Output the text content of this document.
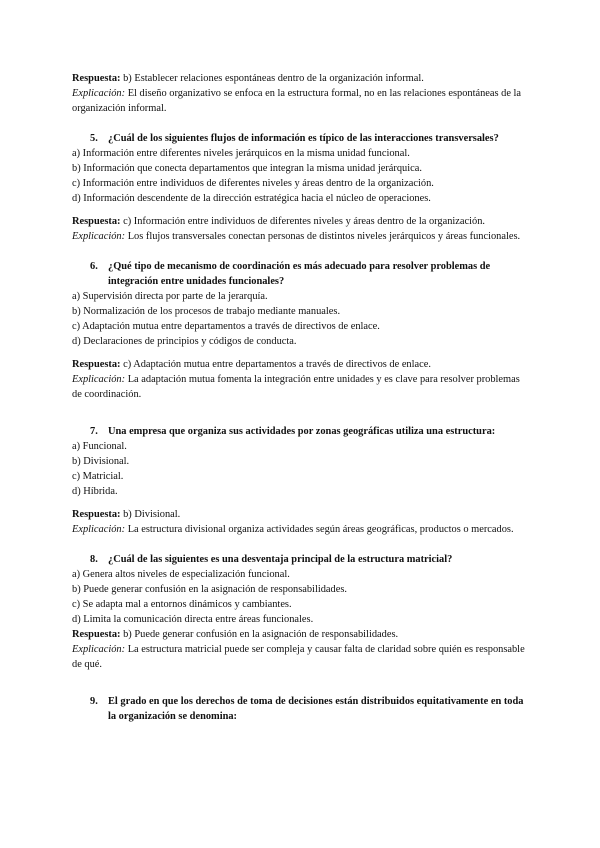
Respuesta: b) Establecer relaciones espontáneas dentro de la organización informal.

Explicación: El diseño organizativo se enfoca en la estructura formal, no en las relaciones espontáneas de la organización informal.

5. ¿Cuál de los siguientes flujos de información es típico de las interacciones transversales?

a) Información entre diferentes niveles jerárquicos en la misma unidad funcional.

b) Información que conecta departamentos que integran la misma unidad jerárquica.

c) Información entre individuos de diferentes niveles y áreas dentro de la organización.

d) Información descendente de la dirección estratégica hacia el núcleo de operaciones.

Respuesta: c) Información entre individuos de diferentes niveles y áreas dentro de la organización.

Explicación: Los flujos transversales conectan personas de distintos niveles jerárquicos y áreas funcionales.

6. ¿Qué tipo de mecanismo de coordinación es más adecuado para resolver problemas de integración entre unidades funcionales?

a) Supervisión directa por parte de la jerarquía.

b) Normalización de los procesos de trabajo mediante manuales.

c) Adaptación mutua entre departamentos a través de directivos de enlace.

d) Declaraciones de principios y códigos de conducta.

Respuesta: c) Adaptación mutua entre departamentos a través de directivos de enlace.

Explicación: La adaptación mutua fomenta la integración entre unidades y es clave para resolver problemas de coordinación.

7. Una empresa que organiza sus actividades por zonas geográficas utiliza una estructura:

a) Funcional.

b) Divisional.

c) Matricial.

d) Híbrida.

Respuesta: b) Divisional.

Explicación: La estructura divisional organiza actividades según áreas geográficas, productos o mercados.

8. ¿Cuál de las siguientes es una desventaja principal de la estructura matricial?

a) Genera altos niveles de especialización funcional.

b) Puede generar confusión en la asignación de responsabilidades.

c) Se adapta mal a entornos dinámicos y cambiantes.

d) Limita la comunicación directa entre áreas funcionales.

Respuesta: b) Puede generar confusión en la asignación de responsabilidades.

Explicación: La estructura matricial puede ser compleja y causar falta de claridad sobre quién es responsable de qué.

9. El grado en que los derechos de toma de decisiones están distribuidos equitativamente en toda la organización se denomina:
